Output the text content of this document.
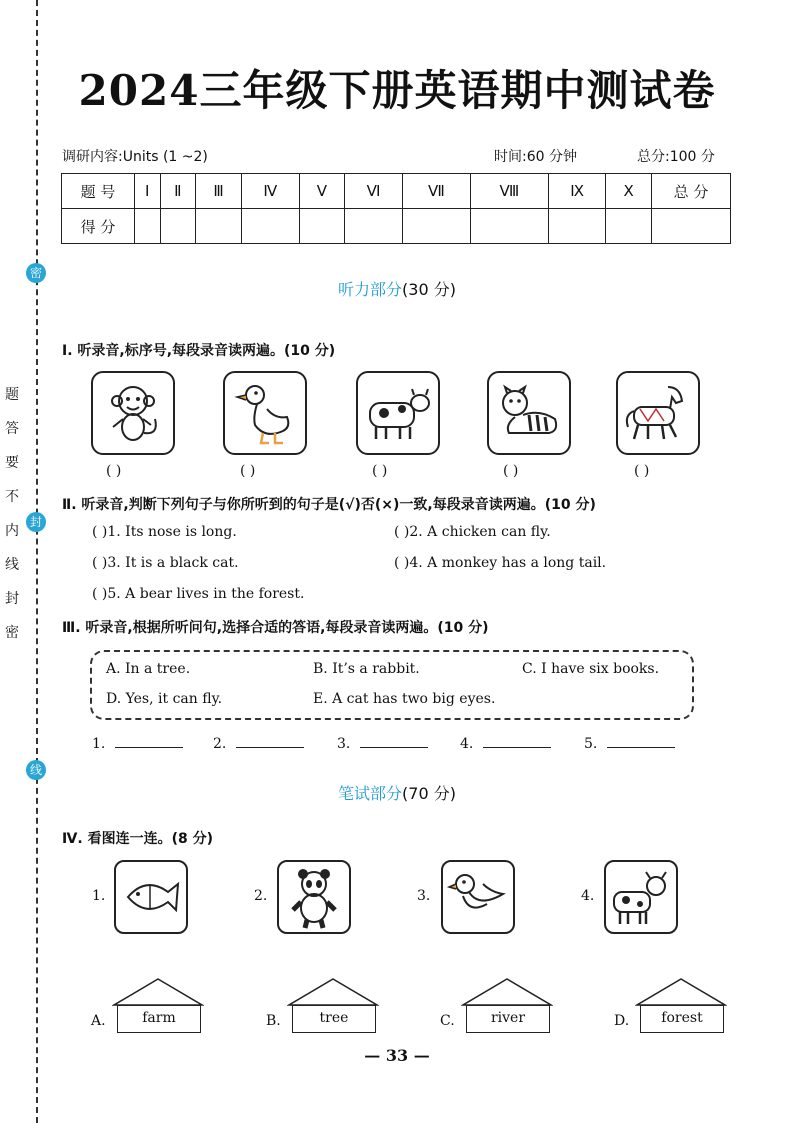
密
封
线
题
答
要
不
内
线
封
密
2024三年级下册英语期中测试卷
调研内容:Units (1 ~2)	时间:60 分钟	总分:100 分
题 号	Ⅰ	Ⅱ	Ⅲ	Ⅳ	Ⅴ	Ⅵ	Ⅶ	Ⅷ	Ⅸ	Ⅹ	总 分
得 分											
听力部分(30 分)
Ⅰ. 听录音,标序号,每段录音读两遍。(10 分)
( )	( )	( )	( )	( )
Ⅱ. 听录音,判断下列句子与你所听到的句子是(√)否(×)一致,每段录音读两遍。(10 分)
( )1. Its nose is long.	( )2. A chicken can fly.
( )3. It is a black cat.	( )4. A monkey has a long tail.
( )5. A bear lives in the forest.
Ⅲ. 听录音,根据所听问句,选择合适的答语,每段录音读两遍。(10 分)
A. In a tree.	B. It’s a rabbit.	C. I have six books.
D. Yes, it can fly.	E. A cat has two big eyes.
1.	2.	3.	4.	5.
笔试部分(70 分)
Ⅳ. 看图连一连。(8 分)
1.	2.	3.	4.
A.	farm	B.	tree	C.	river	D.	forest
— 33 —
